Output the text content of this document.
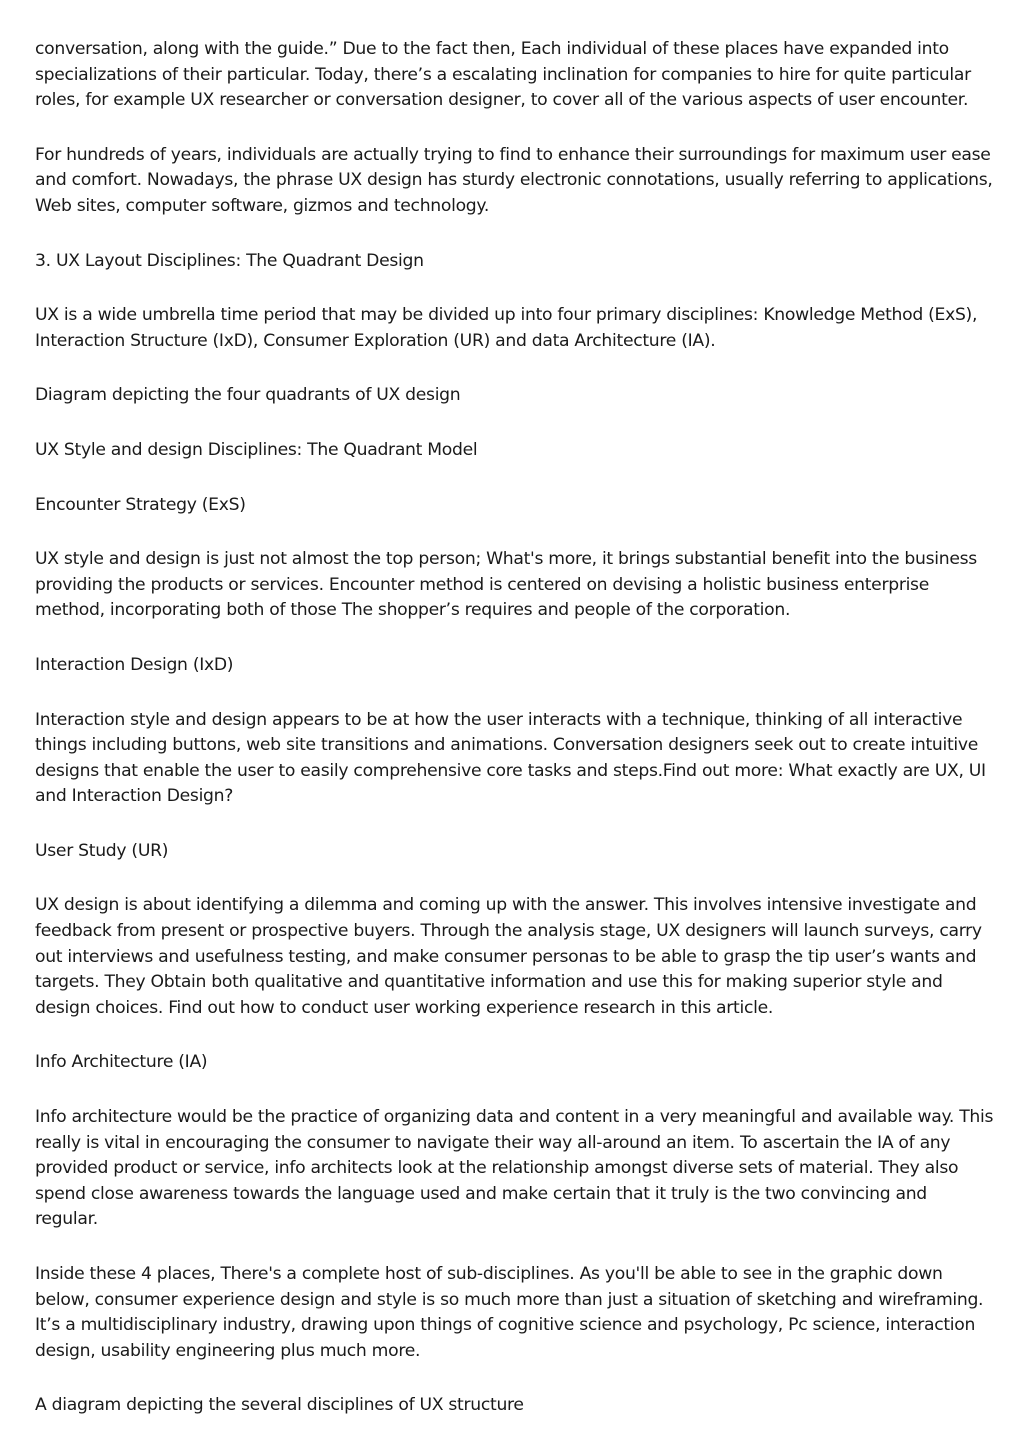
conversation, along with the guide.” Due to the fact then, Each individual of these places have expanded into specializations of their particular. Today, there’s a escalating inclination for companies to hire for quite particular roles, for example UX researcher or conversation designer, to cover all of the various aspects of user encounter.

For hundreds of years, individuals are actually trying to find to enhance their surroundings for maximum user ease and comfort. Nowadays, the phrase UX design has sturdy electronic connotations, usually referring to applications, Web sites, computer software, gizmos and technology.

3. UX Layout Disciplines: The Quadrant Design

UX is a wide umbrella time period that may be divided up into four primary disciplines: Knowledge Method (ExS), Interaction Structure (IxD), Consumer Exploration (UR) and data Architecture (IA).

Diagram depicting the four quadrants of UX design

UX Style and design Disciplines: The Quadrant Model

Encounter Strategy (ExS)

UX style and design is just not almost the top person; What's more, it brings substantial benefit into the business providing the products or services. Encounter method is centered on devising a holistic business enterprise method, incorporating both of those The shopper’s requires and people of the corporation.

Interaction Design (IxD)

Interaction style and design appears to be at how the user interacts with a technique, thinking of all interactive things including buttons, web site transitions and animations. Conversation designers seek out to create intuitive designs that enable the user to easily comprehensive core tasks and steps.Find out more: What exactly are UX, UI and Interaction Design?

User Study (UR)

UX design is about identifying a dilemma and coming up with the answer. This involves intensive investigate and feedback from present or prospective buyers. Through the analysis stage, UX designers will launch surveys, carry out interviews and usefulness testing, and make consumer personas to be able to grasp the tip user’s wants and targets. They Obtain both qualitative and quantitative information and use this for making superior style and design choices. Find out how to conduct user working experience research in this article.

Info Architecture (IA)

Info architecture would be the practice of organizing data and content in a very meaningful and available way. This really is vital in encouraging the consumer to navigate their way all-around an item. To ascertain the IA of any provided product or service, info architects look at the relationship amongst diverse sets of material. They also spend close awareness towards the language used and make certain that it truly is the two convincing and regular.

Inside these 4 places, There's a complete host of sub-disciplines. As you'll be able to see in the graphic down below, consumer experience design and style is so much more than just a situation of sketching and wireframing. It’s a multidisciplinary industry, drawing upon things of cognitive science and psychology, Pc science, interaction design, usability engineering plus much more.

A diagram depicting the several disciplines of UX structure
